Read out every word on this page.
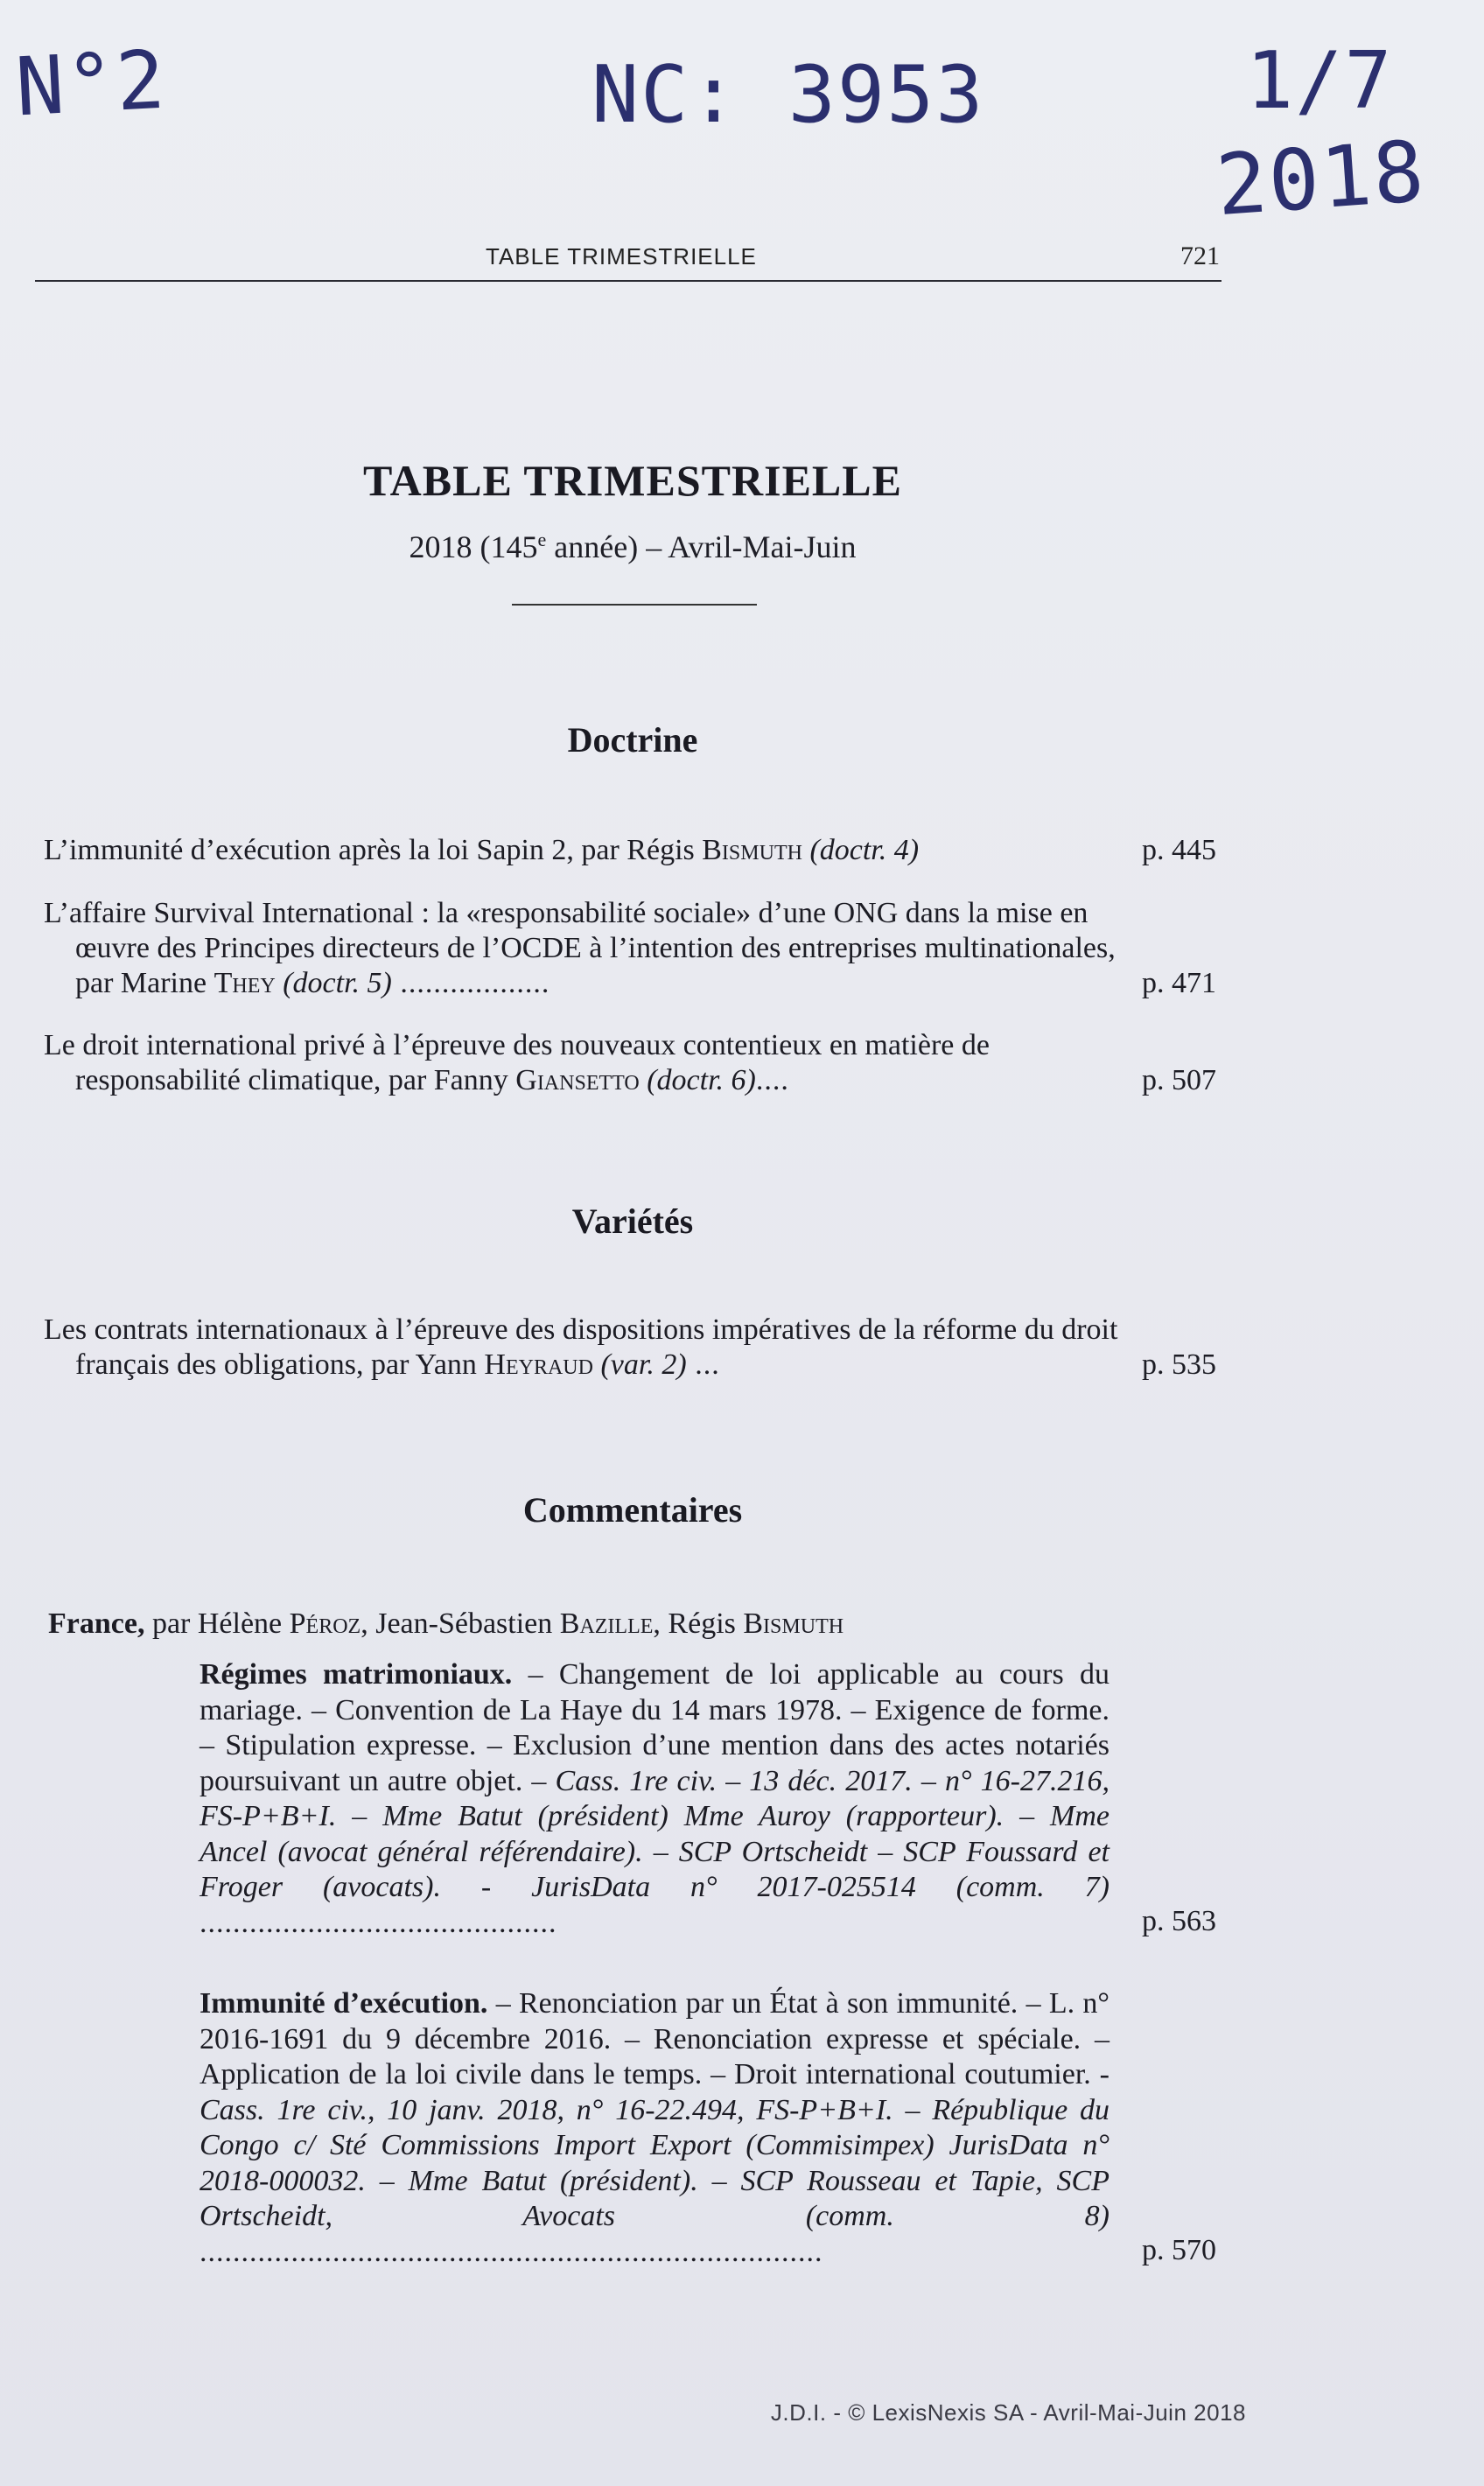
N°2	NC: 3953	1/7
2018
TABLE TRIMESTRIELLE	721
TABLE TRIMESTRIELLE
2018 (145e année) – Avril-Mai-Juin
Doctrine
L’immunité d’exécution après la loi Sapin 2, par Régis Bismuth (doctr. 4)	p. 445
L’affaire Survival International : la «responsabilité sociale» d’une ONG dans la mise en œuvre des Principes directeurs de l’OCDE à l’intention des entreprises multinationales, par Marine They (doctr. 5) ..................	p. 471
Le droit international privé à l’épreuve des nouveaux contentieux en matière de responsabilité climatique, par Fanny Giansetto (doctr. 6)....	p. 507
Variétés
Les contrats internationaux à l’épreuve des dispositions impératives de la réforme du droit français des obligations, par Yann Heyraud (var. 2) ...	p. 535
Commentaires
France, par Hélène Péroz, Jean-Sébastien Bazille, Régis Bismuth
Régimes matrimoniaux. – Changement de loi applicable au cours du mariage. – Convention de La Haye du 14 mars 1978. – Exigence de forme. – Stipulation expresse. – Exclusion d’une mention dans des actes notariés poursuivant un autre objet. – Cass. 1re civ. – 13 déc. 2017. – n° 16-27.216, FS-P+B+I. – Mme Batut (président) Mme Auroy (rapporteur). – Mme Ancel (avocat général référendaire). – SCP Ortscheidt – SCP Foussard et Froger (avocats). - JurisData n° 2017-025514 (comm. 7) ...........................................	p. 563
Immunité d’exécution. – Renonciation par un État à son immunité. – L. n° 2016-1691 du 9 décembre 2016. – Renonciation expresse et spéciale. – Application de la loi civile dans le temps. – Droit international coutumier. - Cass. 1re civ., 10 janv. 2018, n° 16-22.494, FS-P+B+I. – République du Congo c/ Sté Commissions Import Export (Commisimpex) JurisData n° 2018-000032. – Mme Batut (président). – SCP Rousseau et Tapie, SCP Ortscheidt, Avocats (comm. 8) ...........................................................................	p. 570
J.D.I. - © LexisNexis SA - Avril-Mai-Juin 2018
